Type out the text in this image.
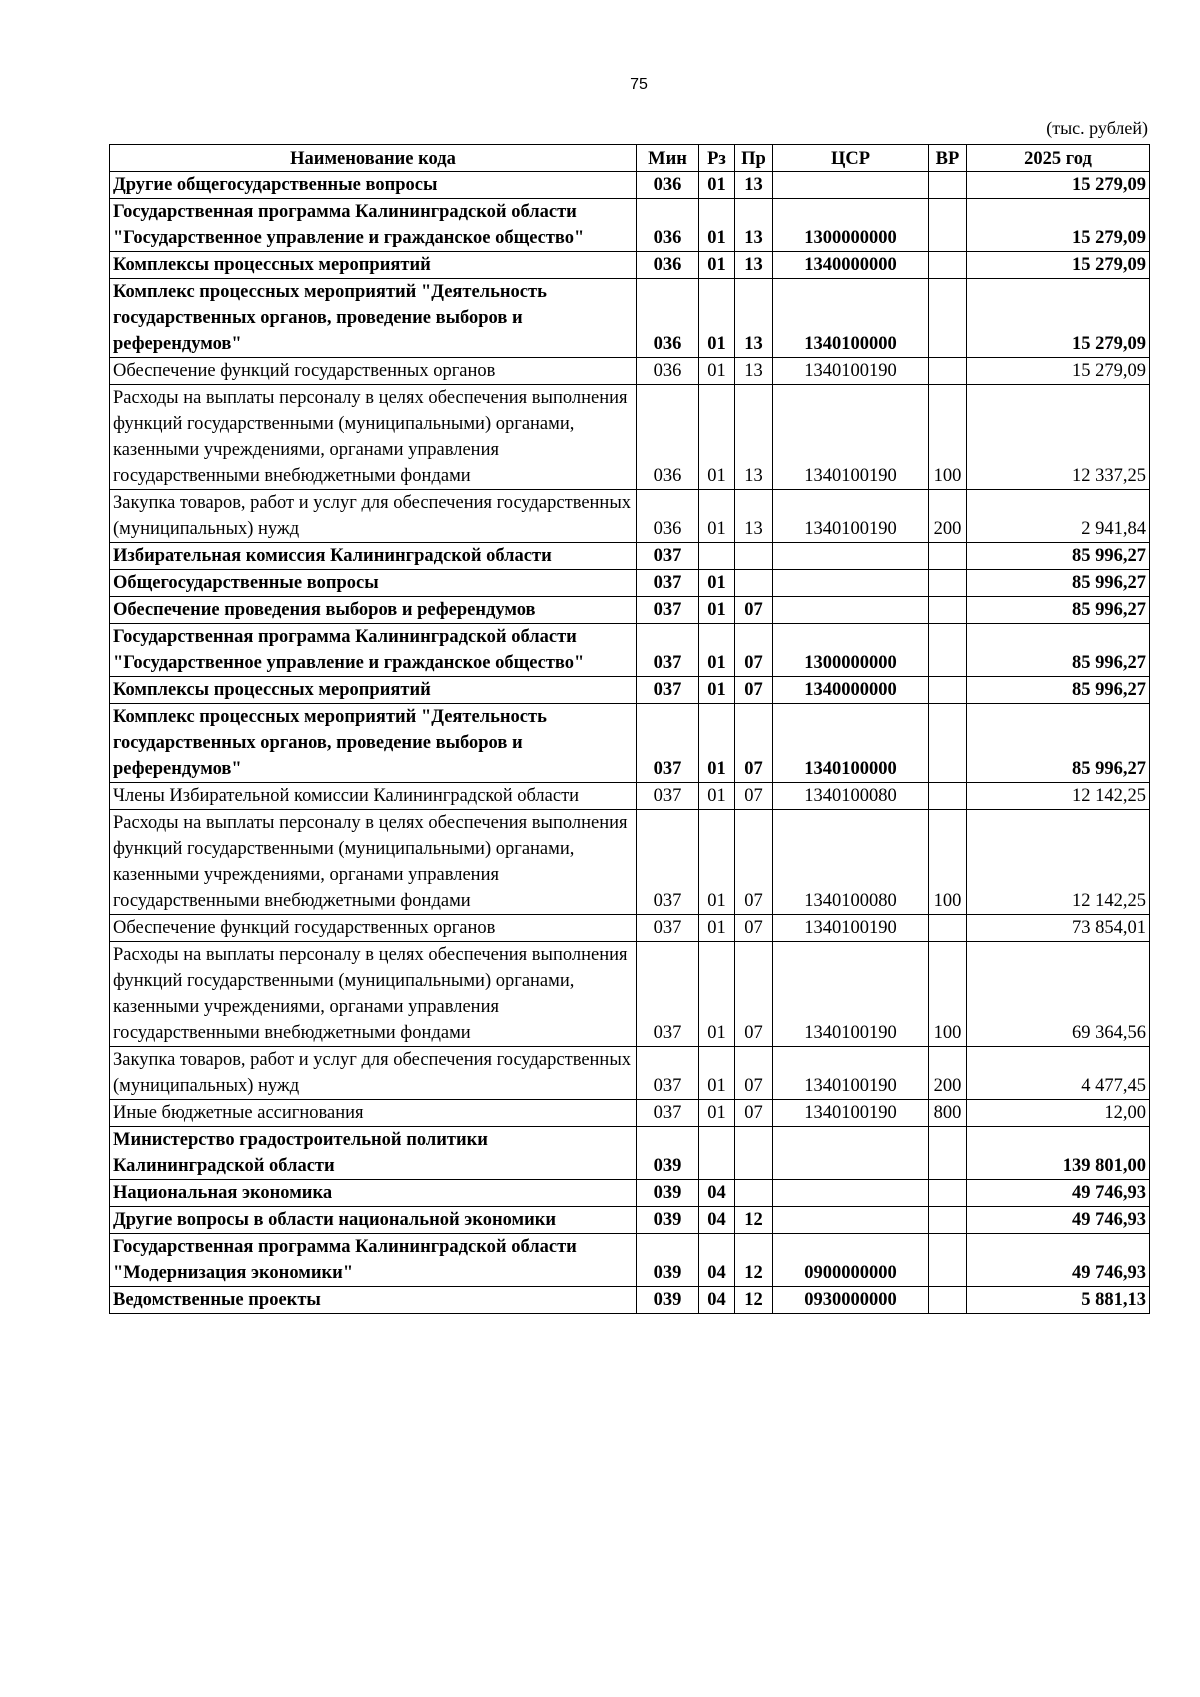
75
(тыс. рублей)
Наименование кода	Мин	Рз	Пр	ЦСР	ВР	2025 год
Другие общегосударственные вопросы	036	01	13			15 279,09
Государственная программа Калининградской области "Государственное управление и гражданское общество"	036	01	13	1300000000		15 279,09
Комплексы процессных мероприятий	036	01	13	1340000000		15 279,09
Комплекс процессных мероприятий "Деятельность государственных органов, проведение выборов и референдумов"	036	01	13	1340100000		15 279,09
Обеспечение функций государственных органов	036	01	13	1340100190		15 279,09
Расходы на выплаты персоналу в целях обеспечения выполнения функций государственными (муниципальными) органами, казенными учреждениями, органами управления государственными внебюджетными фондами	036	01	13	1340100190	100	12 337,25
Закупка товаров, работ и услуг для обеспечения государственных (муниципальных) нужд	036	01	13	1340100190	200	2 941,84
Избирательная комиссия Калининградской области	037					85 996,27
Общегосударственные вопросы	037	01				85 996,27
Обеспечение проведения выборов и референдумов	037	01	07			85 996,27
Государственная программа Калининградской области "Государственное управление и гражданское общество"	037	01	07	1300000000		85 996,27
Комплексы процессных мероприятий	037	01	07	1340000000		85 996,27
Комплекс процессных мероприятий "Деятельность государственных органов, проведение выборов и референдумов"	037	01	07	1340100000		85 996,27
Члены Избирательной комиссии Калининградской области	037	01	07	1340100080		12 142,25
Расходы на выплаты персоналу в целях обеспечения выполнения функций государственными (муниципальными) органами, казенными учреждениями, органами управления государственными внебюджетными фондами	037	01	07	1340100080	100	12 142,25
Обеспечение функций государственных органов	037	01	07	1340100190		73 854,01
Расходы на выплаты персоналу в целях обеспечения выполнения функций государственными (муниципальными) органами, казенными учреждениями, органами управления государственными внебюджетными фондами	037	01	07	1340100190	100	69 364,56
Закупка товаров, работ и услуг для обеспечения государственных (муниципальных) нужд	037	01	07	1340100190	200	4 477,45
Иные бюджетные ассигнования	037	01	07	1340100190	800	12,00
Министерство градостроительной политики Калининградской области	039					139 801,00
Национальная экономика	039	04				49 746,93
Другие вопросы в области национальной экономики	039	04	12			49 746,93
Государственная программа Калининградской области "Модернизация экономики"	039	04	12	0900000000		49 746,93
Ведомственные проекты	039	04	12	0930000000		5 881,13
